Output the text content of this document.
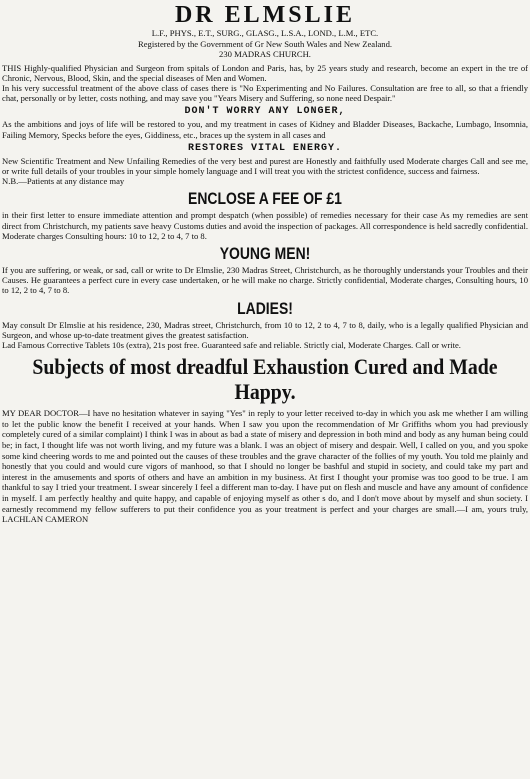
DR ELMSLIE
L.F., PHYS., E.T., SURG., GLASG., L.S.A., LOND., L.M., ETC.
Registered by the Government of Gr New South Wales and New Zealand.
230 MADRAS CHURCH.
THIS Highly-qualified Physician and Surgeon from spitals of London and Paris, has, by 25 years study and research, become an expert in the tre of Chronic, Nervous, Blood, Skin, and the special diseases of Men and Women.
In his very successful treatment of the above class of cases there is "No Experimenting and No Failures. Consultation are free to all, so that a friendly chat, personally or by letter, costs nothing, and may save you "Years Misery and Suffering, so none need Despair."
DON'T WORRY ANY LONGER,
As the ambitions and joys of life will be restored to you, and my treatment in cases of Kidney and Bladder Diseases, Backache, Lumbago, Insomnia, Failing Memory, Specks before the eyes, Giddiness, etc., braces up the system in all cases and
RESTORES VITAL ENERGY.
New Scientific Treatment and New Unfailing Remedies of the very best and purest are Honestly and faithfully used Moderate charges Call and see me, or write full details of your troubles in your simple homely language and I will treat you with the strictest confidence, success and fairness.
N.B.—Patients at any distance may
ENCLOSE A FEE OF £1
in their first letter to ensure immediate attention and prompt despatch (when possible) of remedies necessary for their case As my remedies are sent direct from Christchurch, my patients save heavy Customs duties and avoid the inspection of packages. All correspondence is held sacredly confidential. Moderate charges Consulting hours: 10 to 12, 2 to 4, 7 to 8.
YOUNG MEN!
If you are suffering, or weak, or sad, call or write to Dr Elmslie, 230 Madras Street, Christchurch, as he thoroughly understands your Troubles and their Causes. He guarantees a perfect cure in every case undertaken, or he will make no charge. Strictly confidential, Moderate charges, Consulting hours, 10 to 12, 2 to 4, 7 to 8.
LADIES!
May consult Dr Elmslie at his residence, 230, Madras street, Christchurch, from 10 to 12, 2 to 4, 7 to 8, daily, who is a legally qualified Physician and Surgeon, and whose up-to-date treatment gives the greatest satisfaction.
Lad Famous Corrective Tablets 10s (extra), 21s post free. Guaranteed safe and reliable. Strictly cial, Moderate Charges. Call or write.
Subjects of most dreadful Exhaustion Cured and Made Happy.
MY DEAR DOCTOR—I have no hesitation whatever in saying "Yes" in reply to your letter received to-day in which you ask me whether I am willing to let the public know the benefit I received at your hands. When I saw you upon the recommendation of Mr Griffiths whom you had previously completely cured of a similar complaint) I think I was in about as bad a state of misery and depression in both mind and body as any human being could be; in fact, I thought life was not worth living, and my future was a blank. I was an object of misery and despair. Well, I called on you, and you spoke some kind cheering words to me and pointed out the causes of these troubles and the grave character of the follies of my youth. You told me plainly and honestly that you could and would cure vigors of manhood, so that I should no longer be bashful and stupid in society, and could take my part and interest in the amusements and sports of others and have an ambition in my business. At first I thought your promise was too good to be true. I am thankful to say I tried your treatment. I swear sincerely I feel a different man to-day. I have put on flesh and muscle and have any amount of confidence in myself. I am perfectly healthy and quite happy, and capable of enjoying myself as other s do, and I don't move about by myself and shun society. I earnestly recommend my fellow sufferers to put their confidence you as your treatment is perfect and your charges are small.—I am, yours truly, LACHLAN CAMERON
